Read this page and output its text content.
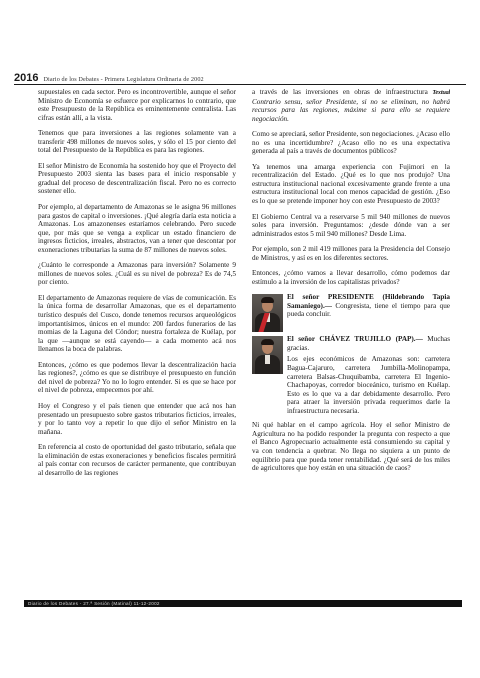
2016 Diario de los Debates - Primera Legislatura Ordinaria de 2002

supuestales en cada sector. Pero es incontrovertible, aunque el señor Ministro de Economía se esfuerce por explicarnos lo contrario, que este Presupuesto de la República es eminentemente centralista. Las cifras están allí, a la vista.

Tenemos que para inversiones a las regiones solamente van a transferir 498 millones de nuevos soles, y sólo el 15 por ciento del total del Presupuesto de la República es para las regiones.

El señor Ministro de Economía ha sostenido hoy que el Proyecto del Presupuesto 2003 sienta las bases para el inicio responsable y gradual del proceso de descentralización fiscal. Pero no es correcto sostener ello.

Por ejemplo, al departamento de Amazonas se le asigna 96 millones para gastos de capital o inversiones. ¡Qué alegría daría esta noticia a Amazonas. Los amazonenses estaríamos celebrando. Pero sucede que, por más que se venga a explicar un estado financiero de ingresos ficticios, irreales, abstractos, van a tener que descontar por exoneraciones tributarias la suma de 87 millones de nuevos soles.

¿Cuánto le corresponde a Amazonas para inversión? Solamente 9 millones de nuevos soles. ¿Cuál es su nivel de pobreza? Es de 74,5 por ciento.

El departamento de Amazonas requiere de vías de comunicación. Es la única forma de desarrollar Amazonas, que es el departamento turístico después del Cusco, donde tenemos recursos arqueológicos importantísimos, únicos en el mundo: 200 fardos funerarios de las momias de la Laguna del Cóndor; nuestra fortaleza de Kuélap, por la que —aunque se está cayendo— a cada momento acá nos llenamos la boca de palabras.

Entonces, ¿cómo es que podemos llevar la descentralización hacia las regiones?, ¿cómo es que se distribuye el presupuesto en función del nivel de pobreza? Yo no lo logro entender. Si es que se hace por el nivel de pobreza, empecemos por ahí.

Hoy el Congreso y el país tienen que entender que acá nos han presentado un presupuesto sobre gastos tributarios ficticios, irreales, y por lo tanto voy a repetir lo que dijo el señor Ministro en la mañana.

En referencia al costo de oportunidad del gasto tributario, señala que la eliminación de estas exoneraciones y beneficios fiscales permitirá al país contar con recursos de carácter permanente, que contribuyan al desarrollo de las regiones

a través de las inversiones en obras de infraestructura Textual Contrario sensu, señor Presidente, si no se eliminan, no habrá recursos para las regiones, máxime si para ello se requiere negociación.

Como se apreciará, señor Presidente, son negociaciones. ¿Acaso ello no es una incertidumbre? ¿Acaso ello no es una expectativa generada al país a través de documentos públicos?

Ya tenemos una amarga experiencia con Fujimori en la recentralización del Estado. ¿Qué es lo que nos produjo? Una estructura institucional nacional excesivamente grande frente a una estructura institucional local con menos capacidad de gestión. ¿Eso es lo que se pretende imponer hoy con este Presupuesto de 2003?

El Gobierno Central va a reservarse 5 mil 940 millones de nuevos soles para inversión. Preguntamos: ¿desde dónde van a ser administrados estos 5 mil 940 millones? Desde Lima.

Por ejemplo, son 2 mil 419 millones para la Presidencia del Consejo de Ministros, y así es en los diferentes sectores.

Entonces, ¿cómo vamos a llevar desarrollo, cómo podemos dar estímulo a la inversión de los capitalistas privados?

El señor PRESIDENTE (Hildebrando Tapia Samaniego).— Congresista, tiene el tiempo para que pueda concluir.

El señor CHÁVEZ TRUJILLO (PAP).— Muchas gracias.

Los ejes económicos de Amazonas son: carretera Bagua-Cajaruro, carretera Jumbilla-Molinopampa, carretera Balsas-Chuquibamba, carretera El Ingenio-Chachapoyas, corredor bioceánico, turismo en Kuélap. Esto es lo que va a dar debidamente desarrollo. Pero para atraer la inversión privada requerimos darle la infraestructura necesaria.

Ni qué hablar en el campo agrícola. Hoy el señor Ministro de Agricultura no ha podido responder la pregunta con respecto a que el Banco Agropecuario actualmente está consumiendo su capital y va con tendencia a quebrar. No llega no siquiera a un punto de equilibrio para que pueda tener rentabilidad. ¿Qué será de los miles de agricultores que hoy están en una situación de caos?

Diario de los Debates - 27.ª Sesión (Matinal) 11-12-2002
